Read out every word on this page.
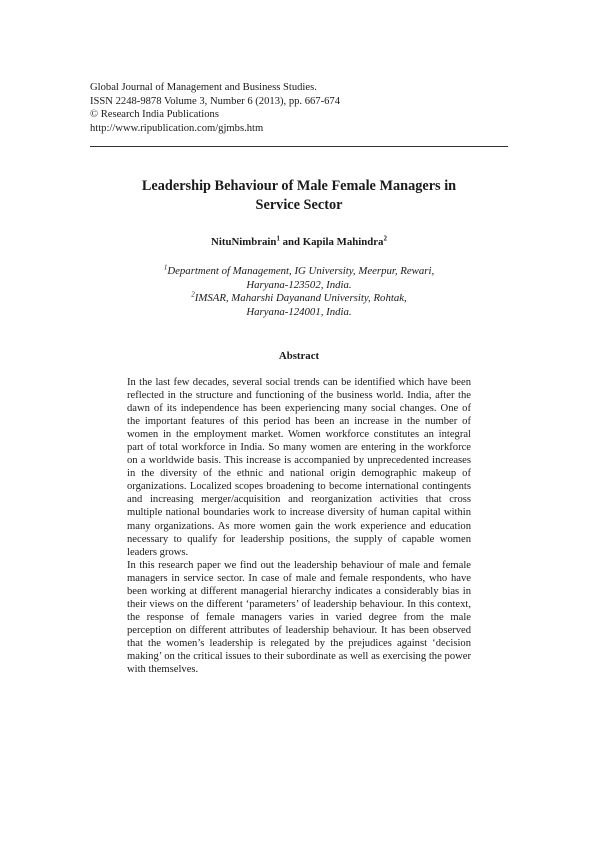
Global Journal of Management and Business Studies.
ISSN 2248-9878 Volume 3, Number 6 (2013), pp. 667-674
© Research India Publications
http://www.ripublication.com/gjmbs.htm
Leadership Behaviour of Male Female Managers in
Service Sector
NituNimbrain$^1$ and Kapila Mahindra$^2$
$^1$Department of Management, IG University, Meerpur, Rewari,
Haryana-123502, India.
$^2$IMSAR, Maharshi Dayanand University, Rohtak,
Haryana-124001, India.
Abstract

In the last few decades, several social trends can be identified which have been reflected in the structure and functioning of the business world. India, after the dawn of its independence has been experiencing many social changes. One of the important features of this period has been an increase in the number of women in the employment market. Women workforce constitutes an integral part of total workforce in India. So many women are entering in the workforce on a worldwide basis. This increase is accompanied by unprecedented increases in the diversity of the ethnic and national origin demographic makeup of organizations. Localized scopes broadening to become international contingents and increasing merger/acquisition and reorganization activities that cross multiple national boundaries work to increase diversity of human capital within many organizations. As more women gain the work experience and education necessary to qualify for leadership positions, the supply of capable women leaders grows.

In this research paper we find out the leadership behaviour of male and female managers in service sector. In case of male and female respondents, who have been working at different managerial hierarchy indicates a considerably bias in their views on the different ‘parameters’ of leadership behaviour. In this context, the response of female managers varies in varied degree from the male perception on different attributes of leadership behaviour. It has been observed that the women’s leadership is relegated by the prejudices against ‘decision making’ on the critical issues to their subordinate as well as exercising the power with themselves.
